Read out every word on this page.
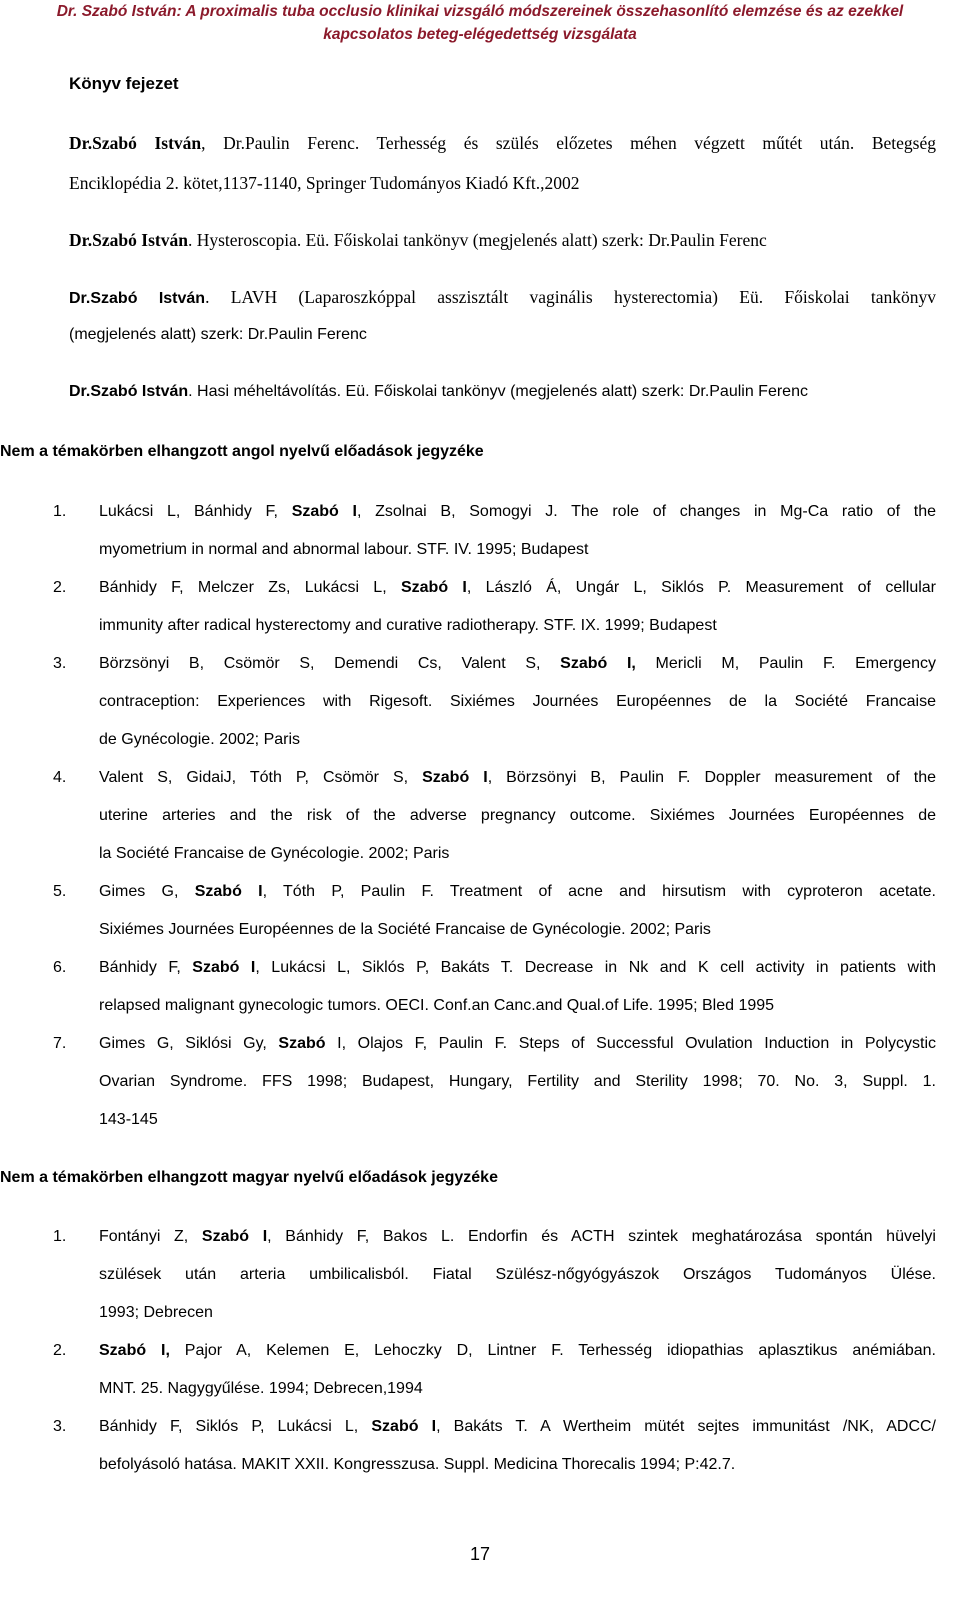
Dr. Szabó István: A proximalis tuba occlusio klinikai vizsgáló módszereinek összehasonlító elemzése és az ezekkel
kapcsolatos beteg-elégedettség vizsgálata
Könyv fejezet
Dr.Szabó István, Dr.Paulin Ferenc. Terhesség és szülés előzetes méhen végzett műtét után. Betegség
Enciklopédia 2. kötet,1137-1140, Springer Tudományos Kiadó Kft.,2002
Dr.Szabó István. Hysteroscopia. Eü. Főiskolai tankönyv (megjelenés alatt) szerk: Dr.Paulin Ferenc
Dr.Szabó István. LAVH (Laparoszkóppal asszisztált vaginális hysterectomia) Eü. Főiskolai tankönyv
(megjelenés alatt) szerk: Dr.Paulin Ferenc
Dr.Szabó István. Hasi méheltávolítás. Eü. Főiskolai tankönyv (megjelenés alatt) szerk: Dr.Paulin Ferenc
Nem a témakörben elhangzott angol nyelvű előadások jegyzéke
1. Lukácsi L, Bánhidy F, Szabó I, Zsolnai B, Somogyi J. The role of changes in Mg-Ca ratio of the
myometrium in normal and abnormal labour. STF. IV. 1995; Budapest
2. Bánhidy F, Melczer Zs, Lukácsi L, Szabó I, László Á, Ungár L, Siklós P. Measurement of cellular
immunity after radical hysterectomy and curative radiotherapy. STF. IX. 1999; Budapest
3. Börzsönyi B, Csömör S, Demendi Cs, Valent S, Szabó I, Mericli M, Paulin F. Emergency
contraception: Experiences with Rigesoft. Sixiémes Journées Européennes de la Société Francaise
de Gynécologie. 2002; Paris
4. Valent S, GidaiJ, Tóth P, Csömör S, Szabó I, Börzsönyi B, Paulin F. Doppler measurement of the
uterine arteries and the risk of the adverse pregnancy outcome. Sixiémes Journées Européennes de
la Société Francaise de Gynécologie. 2002; Paris
5. Gimes G, Szabó I, Tóth P, Paulin F. Treatment of acne and hirsutism with cyproteron acetate.
Sixiémes Journées Européennes de la Société Francaise de Gynécologie. 2002; Paris
6. Bánhidy F, Szabó I, Lukácsi L, Siklós P, Bakáts T. Decrease in Nk and K cell activity in patients with
relapsed malignant gynecologic tumors. OECI. Conf.an Canc.and Qual.of Life. 1995; Bled 1995
7. Gimes G, Siklósi Gy, Szabó I, Olajos F, Paulin F. Steps of Successful Ovulation Induction in Polycystic
Ovarian Syndrome. FFS 1998; Budapest, Hungary, Fertility and Sterility 1998; 70. No. 3, Suppl. 1.
143-145
Nem a témakörben elhangzott magyar nyelvű előadások jegyzéke
1. Fontányi Z, Szabó I, Bánhidy F, Bakos L. Endorfin és ACTH szintek meghatározása spontán hüvelyi
szülések után arteria umbilicalisból. Fiatal Szülész-nőgyógyászok Országos Tudományos Ülése.
1993; Debrecen
2. Szabó I, Pajor A, Kelemen E, Lehoczky D, Lintner F. Terhesség idiopathias aplasztikus anémiában.
MNT. 25. Nagygyűlése. 1994; Debrecen,1994
3. Bánhidy F, Siklós P, Lukácsi L, Szabó I, Bakáts T. A Wertheim mütét sejtes immunitást /NK, ADCC/
befolyásoló hatása. MAKIT XXII. Kongresszusa. Suppl. Medicina Thorecalis 1994; P:42.7.
17
